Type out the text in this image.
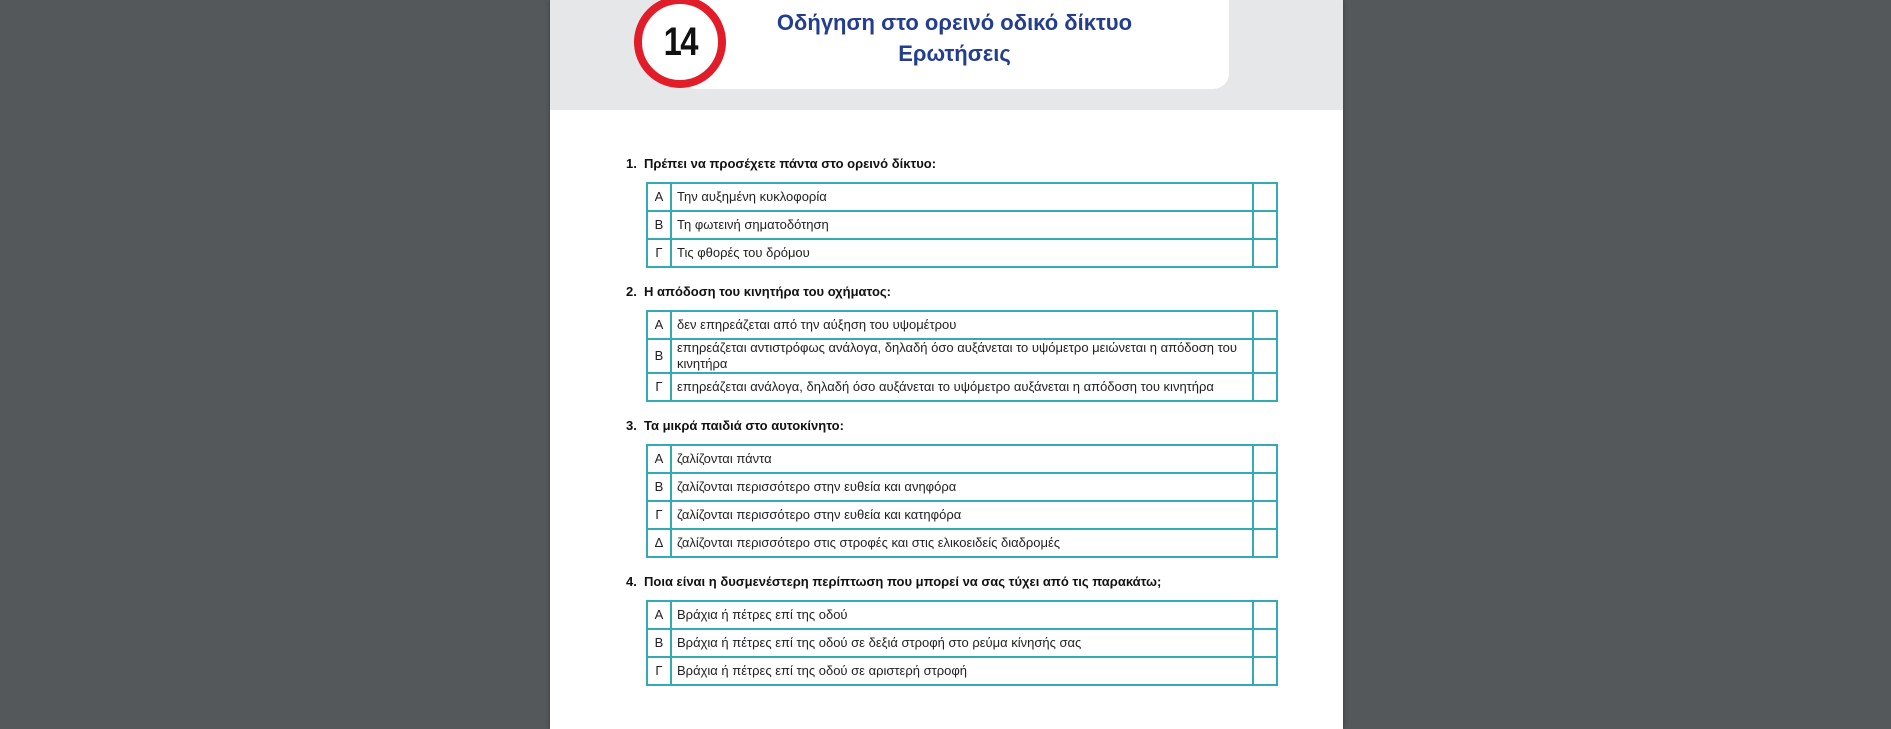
14	Οδήγηση στο ορεινό οδικό δίκτυο
Ερωτήσεις
1. Πρέπει να προσέχετε πάντα στο ορεινό δίκτυο:
Α	Την αυξημένη κυκλοφορία	
Β	Τη φωτεινή σηματοδότηση	
Γ	Τις φθορές του δρόμου	
2. Η απόδοση του κινητήρα του οχήματος:
Α	δεν επηρεάζεται από την αύξηση του υψομέτρου	
Β	επηρεάζεται αντιστρόφως ανάλογα, δηλαδή όσο αυξάνεται το υψόμετρο μειώνεται η απόδοση του κινητήρα	
Γ	επηρεάζεται ανάλογα, δηλαδή όσο αυξάνεται το υψόμετρο αυξάνεται η απόδοση του κινητήρα	
3. Τα μικρά παιδιά στο αυτοκίνητο:
Α	ζαλίζονται πάντα	
Β	ζαλίζονται περισσότερο στην ευθεία και ανηφόρα	
Γ	ζαλίζονται περισσότερο στην ευθεία και κατηφόρα	
Δ	ζαλίζονται περισσότερο στις στροφές και στις ελικοειδείς διαδρομές	
4. Ποια είναι η δυσμενέστερη περίπτωση που μπορεί να σας τύχει από τις παρακάτω;
Α	Βράχια ή πέτρες επί της οδού	
Β	Βράχια ή πέτρες επί της οδού σε δεξιά στροφή στο ρεύμα κίνησής σας	
Γ	Βράχια ή πέτρες επί της οδού σε αριστερή στροφή	
